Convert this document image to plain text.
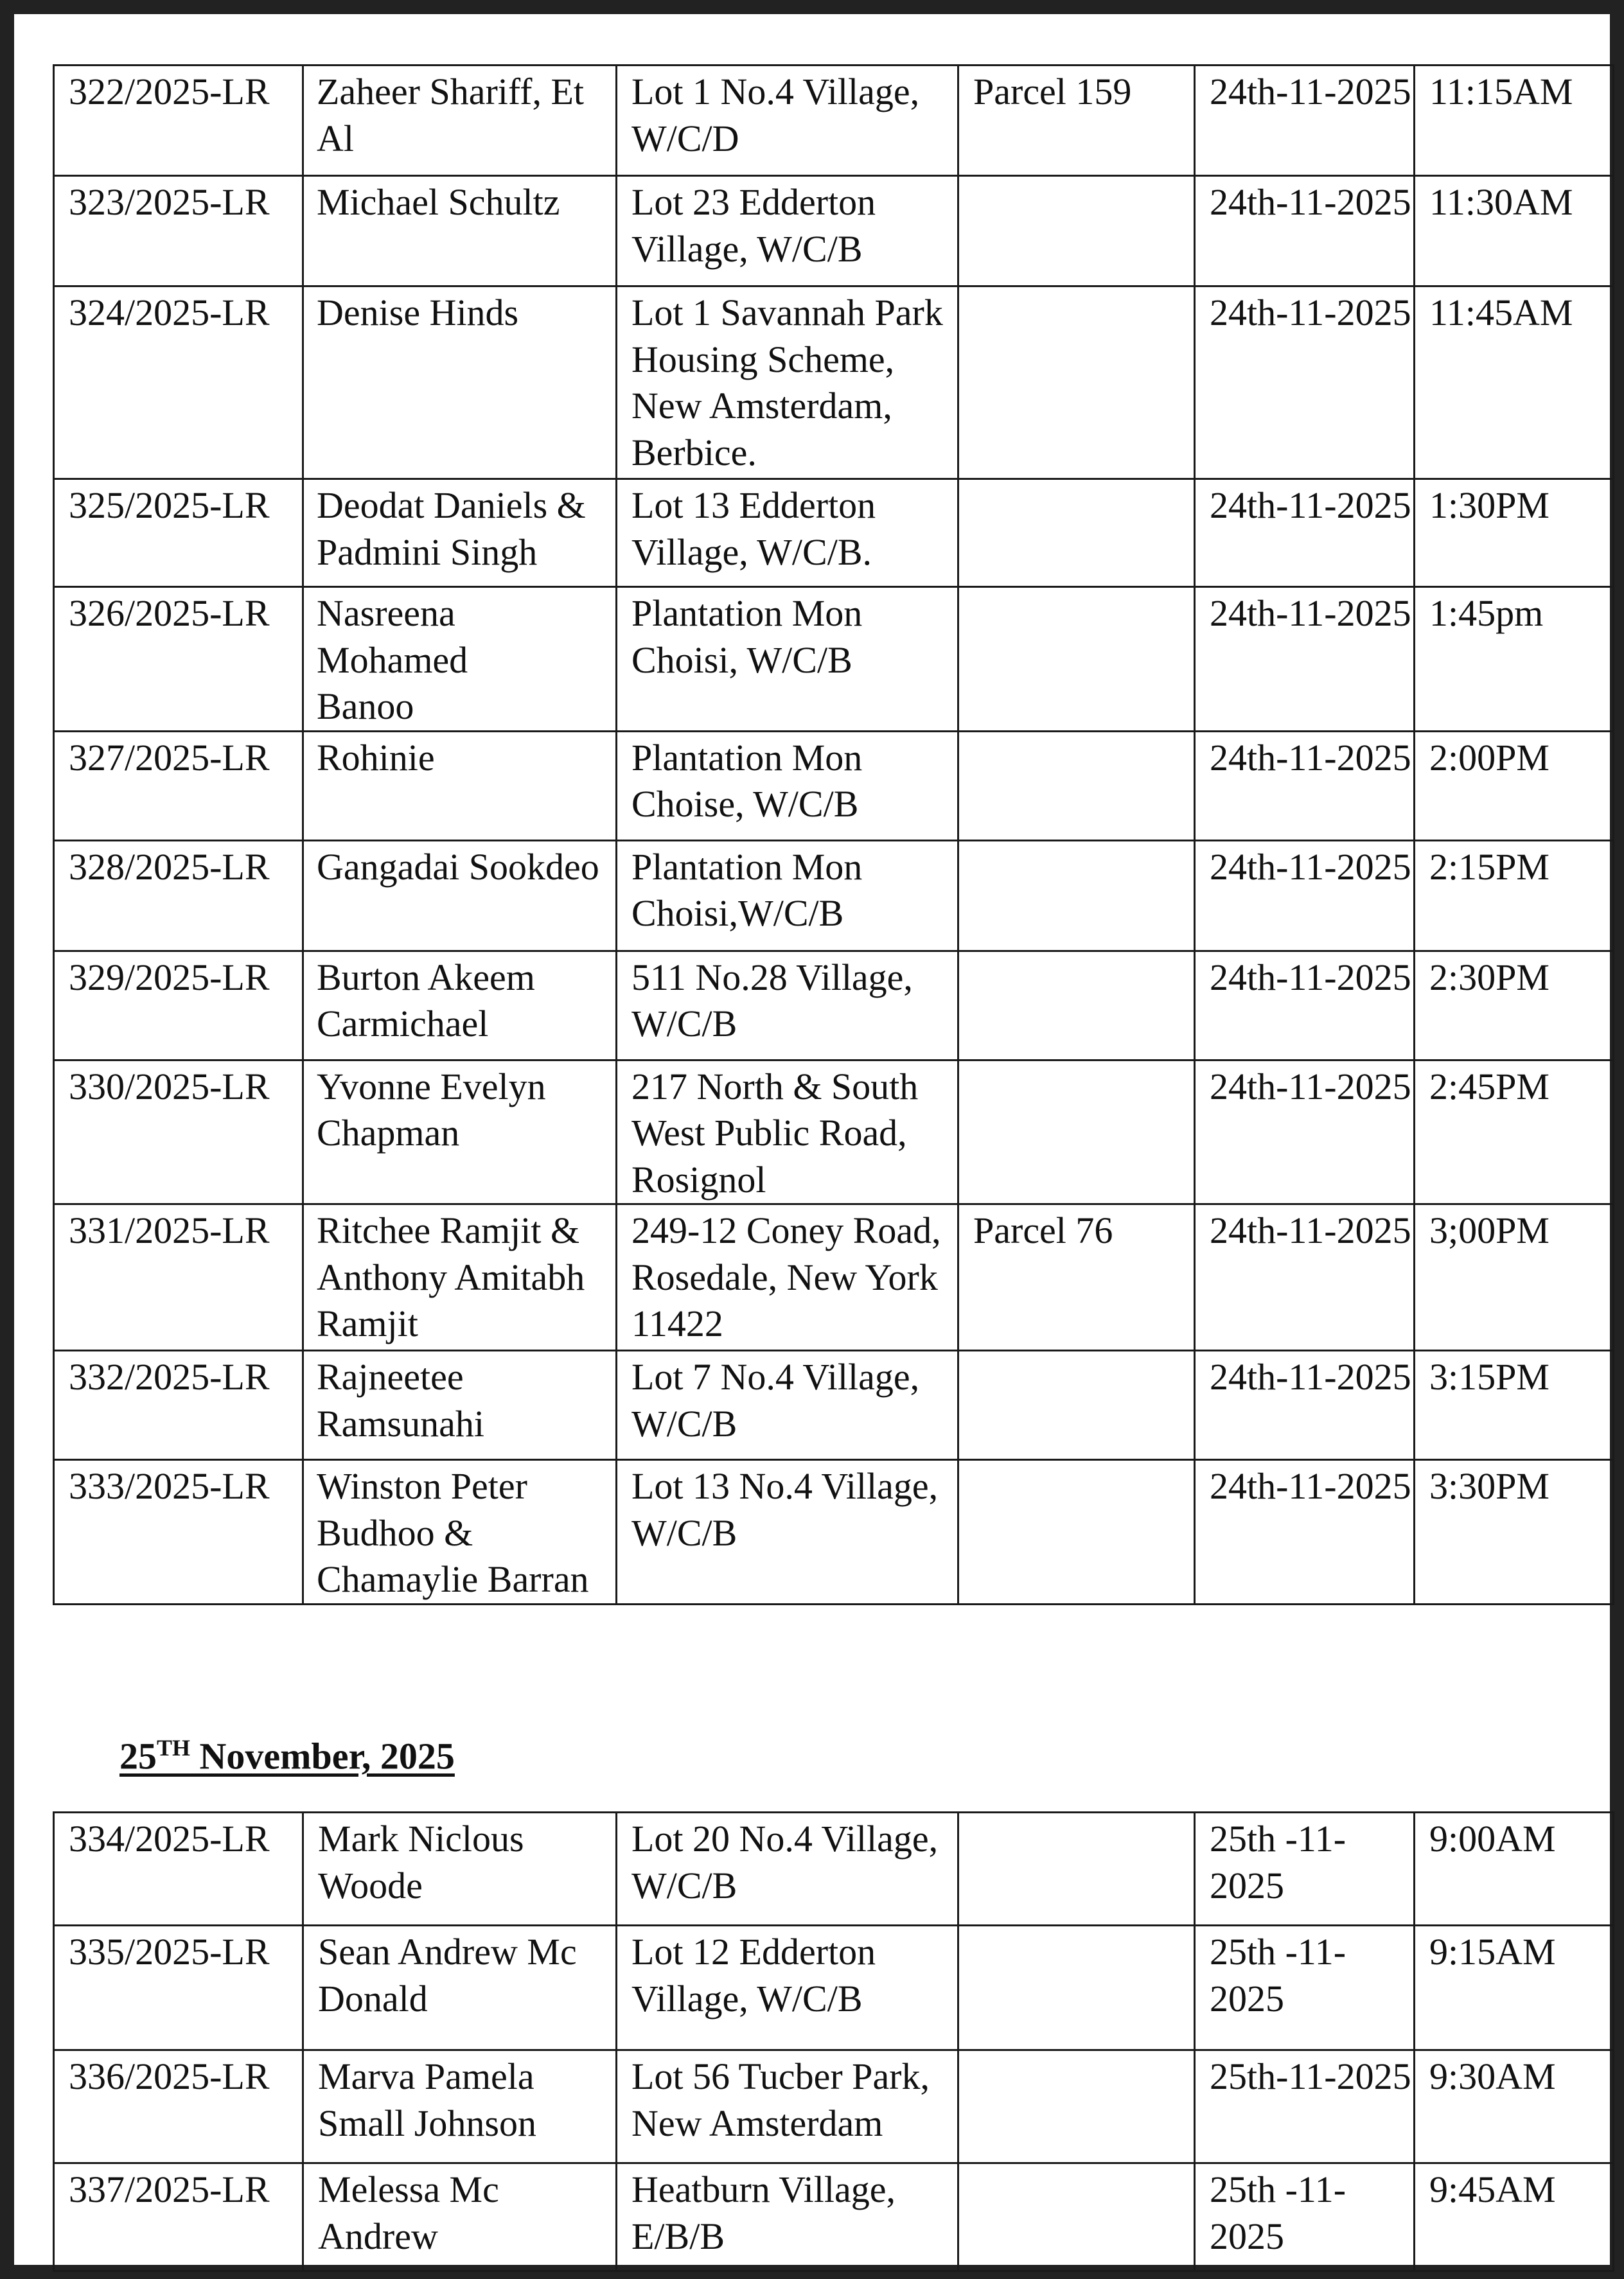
322/2025-LR	Zaheer Shariff, Et
Al	Lot 1 No.4 Village,
W/C/D	Parcel 159	24th-11-2025	11:15AM
323/2025-LR	Michael Schultz	Lot 23 Edderton
Village, W/C/B		24th-11-2025	11:30AM
324/2025-LR	Denise Hinds	Lot 1 Savannah Park
Housing Scheme,
New Amsterdam,
Berbice.		24th-11-2025	11:45AM
325/2025-LR	Deodat Daniels &
Padmini Singh	Lot 13 Edderton
Village, W/C/B.		24th-11-2025	1:30PM
326/2025-LR	Nasreena Mohamed
Banoo	Plantation Mon
Choisi, W/C/B		24th-11-2025	1:45pm
327/2025-LR	Rohinie	Plantation Mon
Choise, W/C/B		24th-11-2025	2:00PM
328/2025-LR	Gangadai Sookdeo	Plantation Mon
Choisi,W/C/B		24th-11-2025	2:15PM
329/2025-LR	Burton Akeem
Carmichael	511 No.28 Village,
W/C/B		24th-11-2025	2:30PM
330/2025-LR	Yvonne Evelyn
Chapman	217 North & South
West Public Road,
Rosignol		24th-11-2025	2:45PM
331/2025-LR	Ritchee Ramjit &
Anthony Amitabh
Ramjit	249-12 Coney Road,
Rosedale, New York
11422	Parcel 76	24th-11-2025	3;00PM
332/2025-LR	Rajneetee
Ramsunahi	Lot 7 No.4 Village,
W/C/B		24th-11-2025	3:15PM
333/2025-LR	Winston Peter
Budhoo &
Chamaylie Barran	Lot 13 No.4 Village,
W/C/B		24th-11-2025	3:30PM

25TH November, 2025

334/2025-LR	Mark Niclous
Woode	Lot 20 No.4 Village,
W/C/B		25th -11-2025	9:00AM
335/2025-LR	Sean Andrew Mc
Donald	Lot 12 Edderton
Village, W/C/B		25th -11-2025	9:15AM
336/2025-LR	Marva Pamela
Small Johnson	Lot 56 Tucber Park,
New Amsterdam		25th-11-2025	9:30AM
337/2025-LR	Melessa Mc
Andrew	Heatburn Village,
E/B/B		25th -11-2025	9:45AM
